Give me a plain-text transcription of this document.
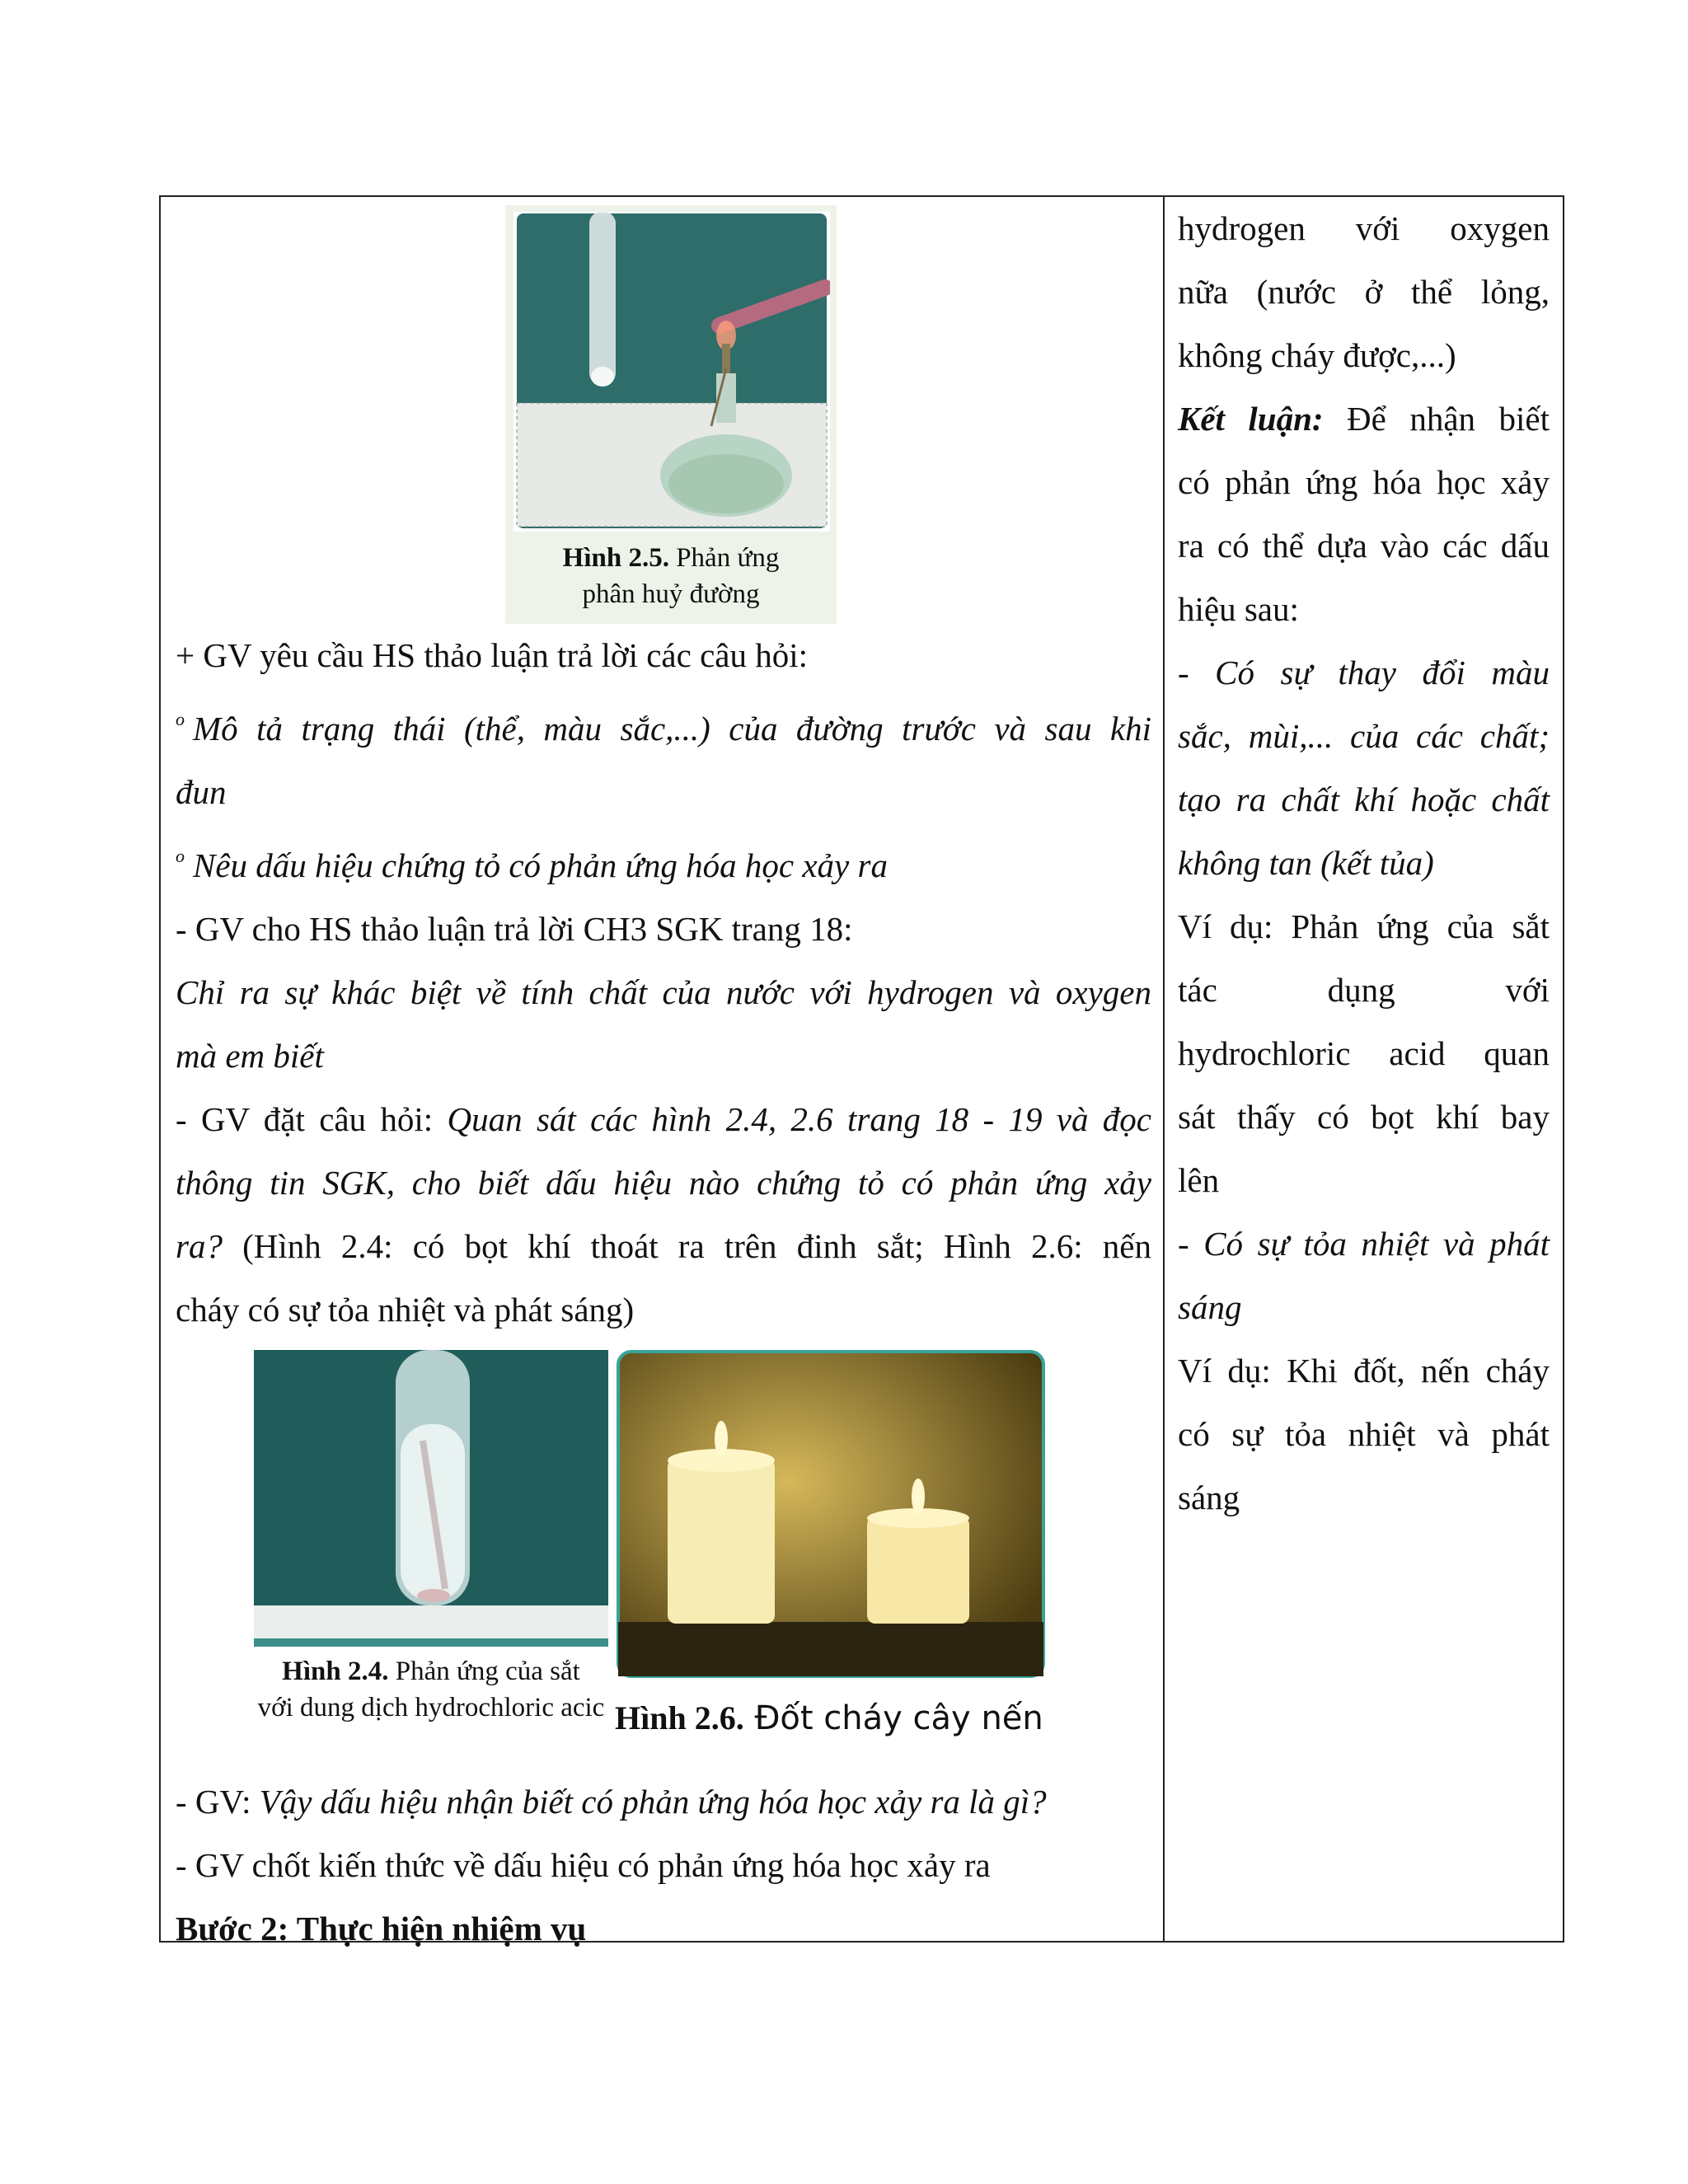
Hình 2.5. Phản ứng
phân huỷ đường

+ GV yêu cầu HS thảo luận trả lời các câu hỏi:

$^o$ Mô tả trạng thái (thể, màu sắc,...) của đường trước và sau khi

đun

$^o$ Nêu dấu hiệu chứng tỏ có phản ứng hóa học xảy ra

- GV cho HS thảo luận trả lời CH3 SGK trang 18:

Chỉ ra sự khác biệt về tính chất của nước với hydrogen và oxygen

mà em biết

- GV đặt câu hỏi: Quan sát các hình 2.4, 2.6 trang 18 - 19 và đọc

thông tin SGK, cho biết dấu hiệu nào chứng tỏ có phản ứng xảy

ra? (Hình 2.4: có bọt khí thoát ra trên đinh sắt; Hình 2.6: nến

cháy có sự tỏa nhiệt và phát sáng)

Hình 2.4. Phản ứng của sắt
với dung dịch hydrochloric acic Hình 2.6. Đốt cháy cây nến

- GV: Vậy dấu hiệu nhận biết có phản ứng hóa học xảy ra là gì?

- GV chốt kiến thức về dấu hiệu có phản ứng hóa học xảy ra

Bước 2: Thực hiện nhiệm vụ

hydrogen với oxygen

nữa (nước ở thể lỏng,

không cháy được,...)

Kết luận: Để nhận biết

có phản ứng hóa học xảy

ra có thể dựa vào các dấu

hiệu sau:

- Có sự thay đổi màu

sắc, mùi,... của các chất;

tạo ra chất khí hoặc chất

không tan (kết tủa)

Ví dụ: Phản ứng của sắt

tác dụng với

hydrochloric acid quan

sát thấy có bọt khí bay

lên

- Có sự tỏa nhiệt và phát

sáng

Ví dụ: Khi đốt, nến cháy

có sự tỏa nhiệt và phát

sáng
